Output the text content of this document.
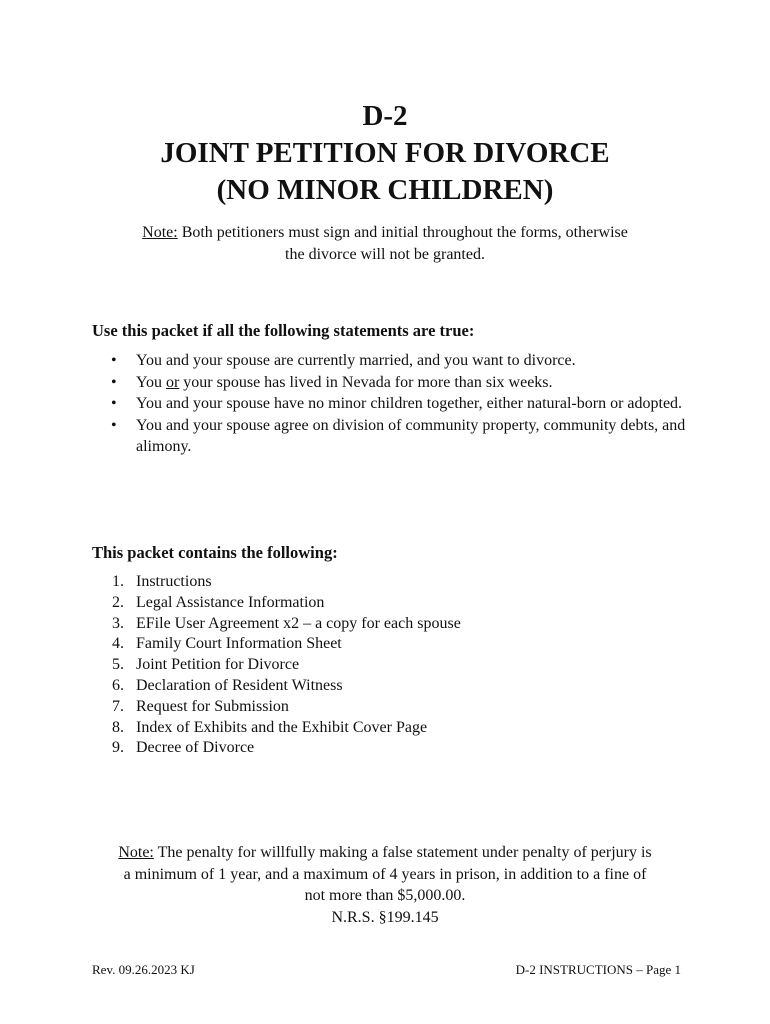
D-2

JOINT PETITION FOR DIVORCE

(NO MINOR CHILDREN)

Note: Both petitioners must sign and initial throughout the forms, otherwise
the divorce will not be granted.
Use this packet if all the following statements are true:
• You and your spouse are currently married, and you want to divorce.
• You or your spouse has lived in Nevada for more than six weeks.
• You and your spouse have no minor children together, either natural-born or adopted.
• You and your spouse agree on division of community property, community debts, and alimony.
This packet contains the following:
1. Instructions
2. Legal Assistance Information
3. EFile User Agreement x2 – a copy for each spouse
4. Family Court Information Sheet
5. Joint Petition for Divorce
6. Declaration of Resident Witness
7. Request for Submission
8. Index of Exhibits and the Exhibit Cover Page
9. Decree of Divorce
Note: The penalty for willfully making a false statement under penalty of perjury is
a minimum of 1 year, and a maximum of 4 years in prison, in addition to a fine of
not more than $5,000.00.
N.R.S. §199.145
Rev. 09.26.2023 KJ	D-2 INSTRUCTIONS – Page 1
